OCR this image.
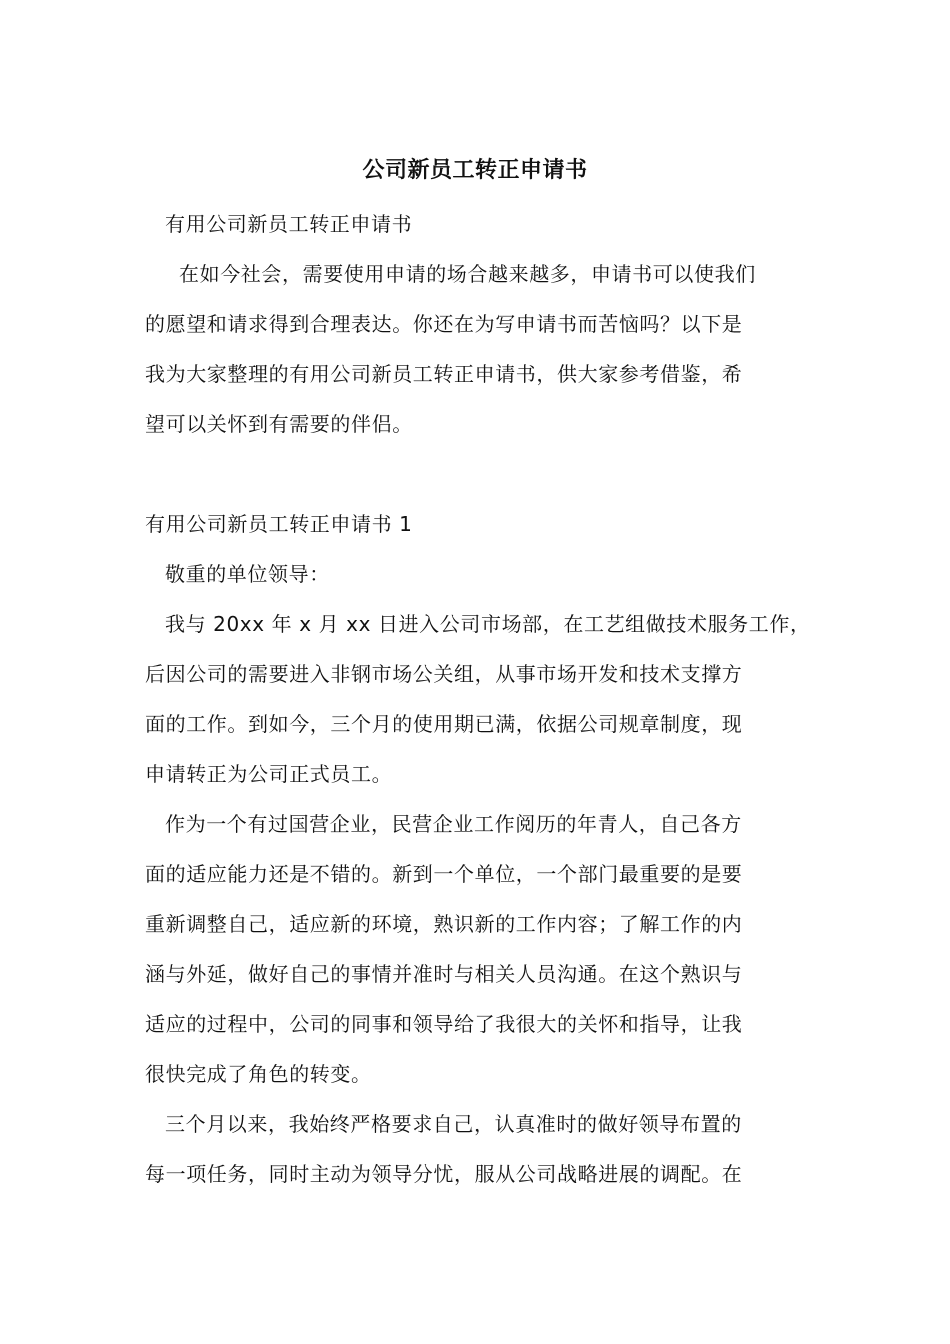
公司新员工转正申请书
有用公司新员工转正申请书
在如今社会，需要使用申请的场合越来越多，申请书可以使我们
的愿望和请求得到合理表达。你还在为写申请书而苦恼吗？以下是
我为大家整理的有用公司新员工转正申请书，供大家参考借鉴，希
望可以关怀到有需要的伴侣。
有用公司新员工转正申请书 1
敬重的单位领导：
我与 20xx 年 x 月 xx 日进入公司市场部，在工艺组做技术服务工作，
后因公司的需要进入非钢市场公关组，从事市场开发和技术支撑方
面的工作。到如今，三个月的使用期已满，依据公司规章制度，现
申请转正为公司正式员工。
作为一个有过国营企业，民营企业工作阅历的年青人，自己各方
面的适应能力还是不错的。新到一个单位，一个部门最重要的是要
重新调整自己，适应新的环境，熟识新的工作内容；了解工作的内
涵与外延，做好自己的事情并准时与相关人员沟通。在这个熟识与
适应的过程中，公司的同事和领导给了我很大的关怀和指导，让我
很快完成了角色的转变。
三个月以来，我始终严格要求自己，认真准时的做好领导布置的
每一项任务，同时主动为领导分忧，服从公司战略进展的调配。在
